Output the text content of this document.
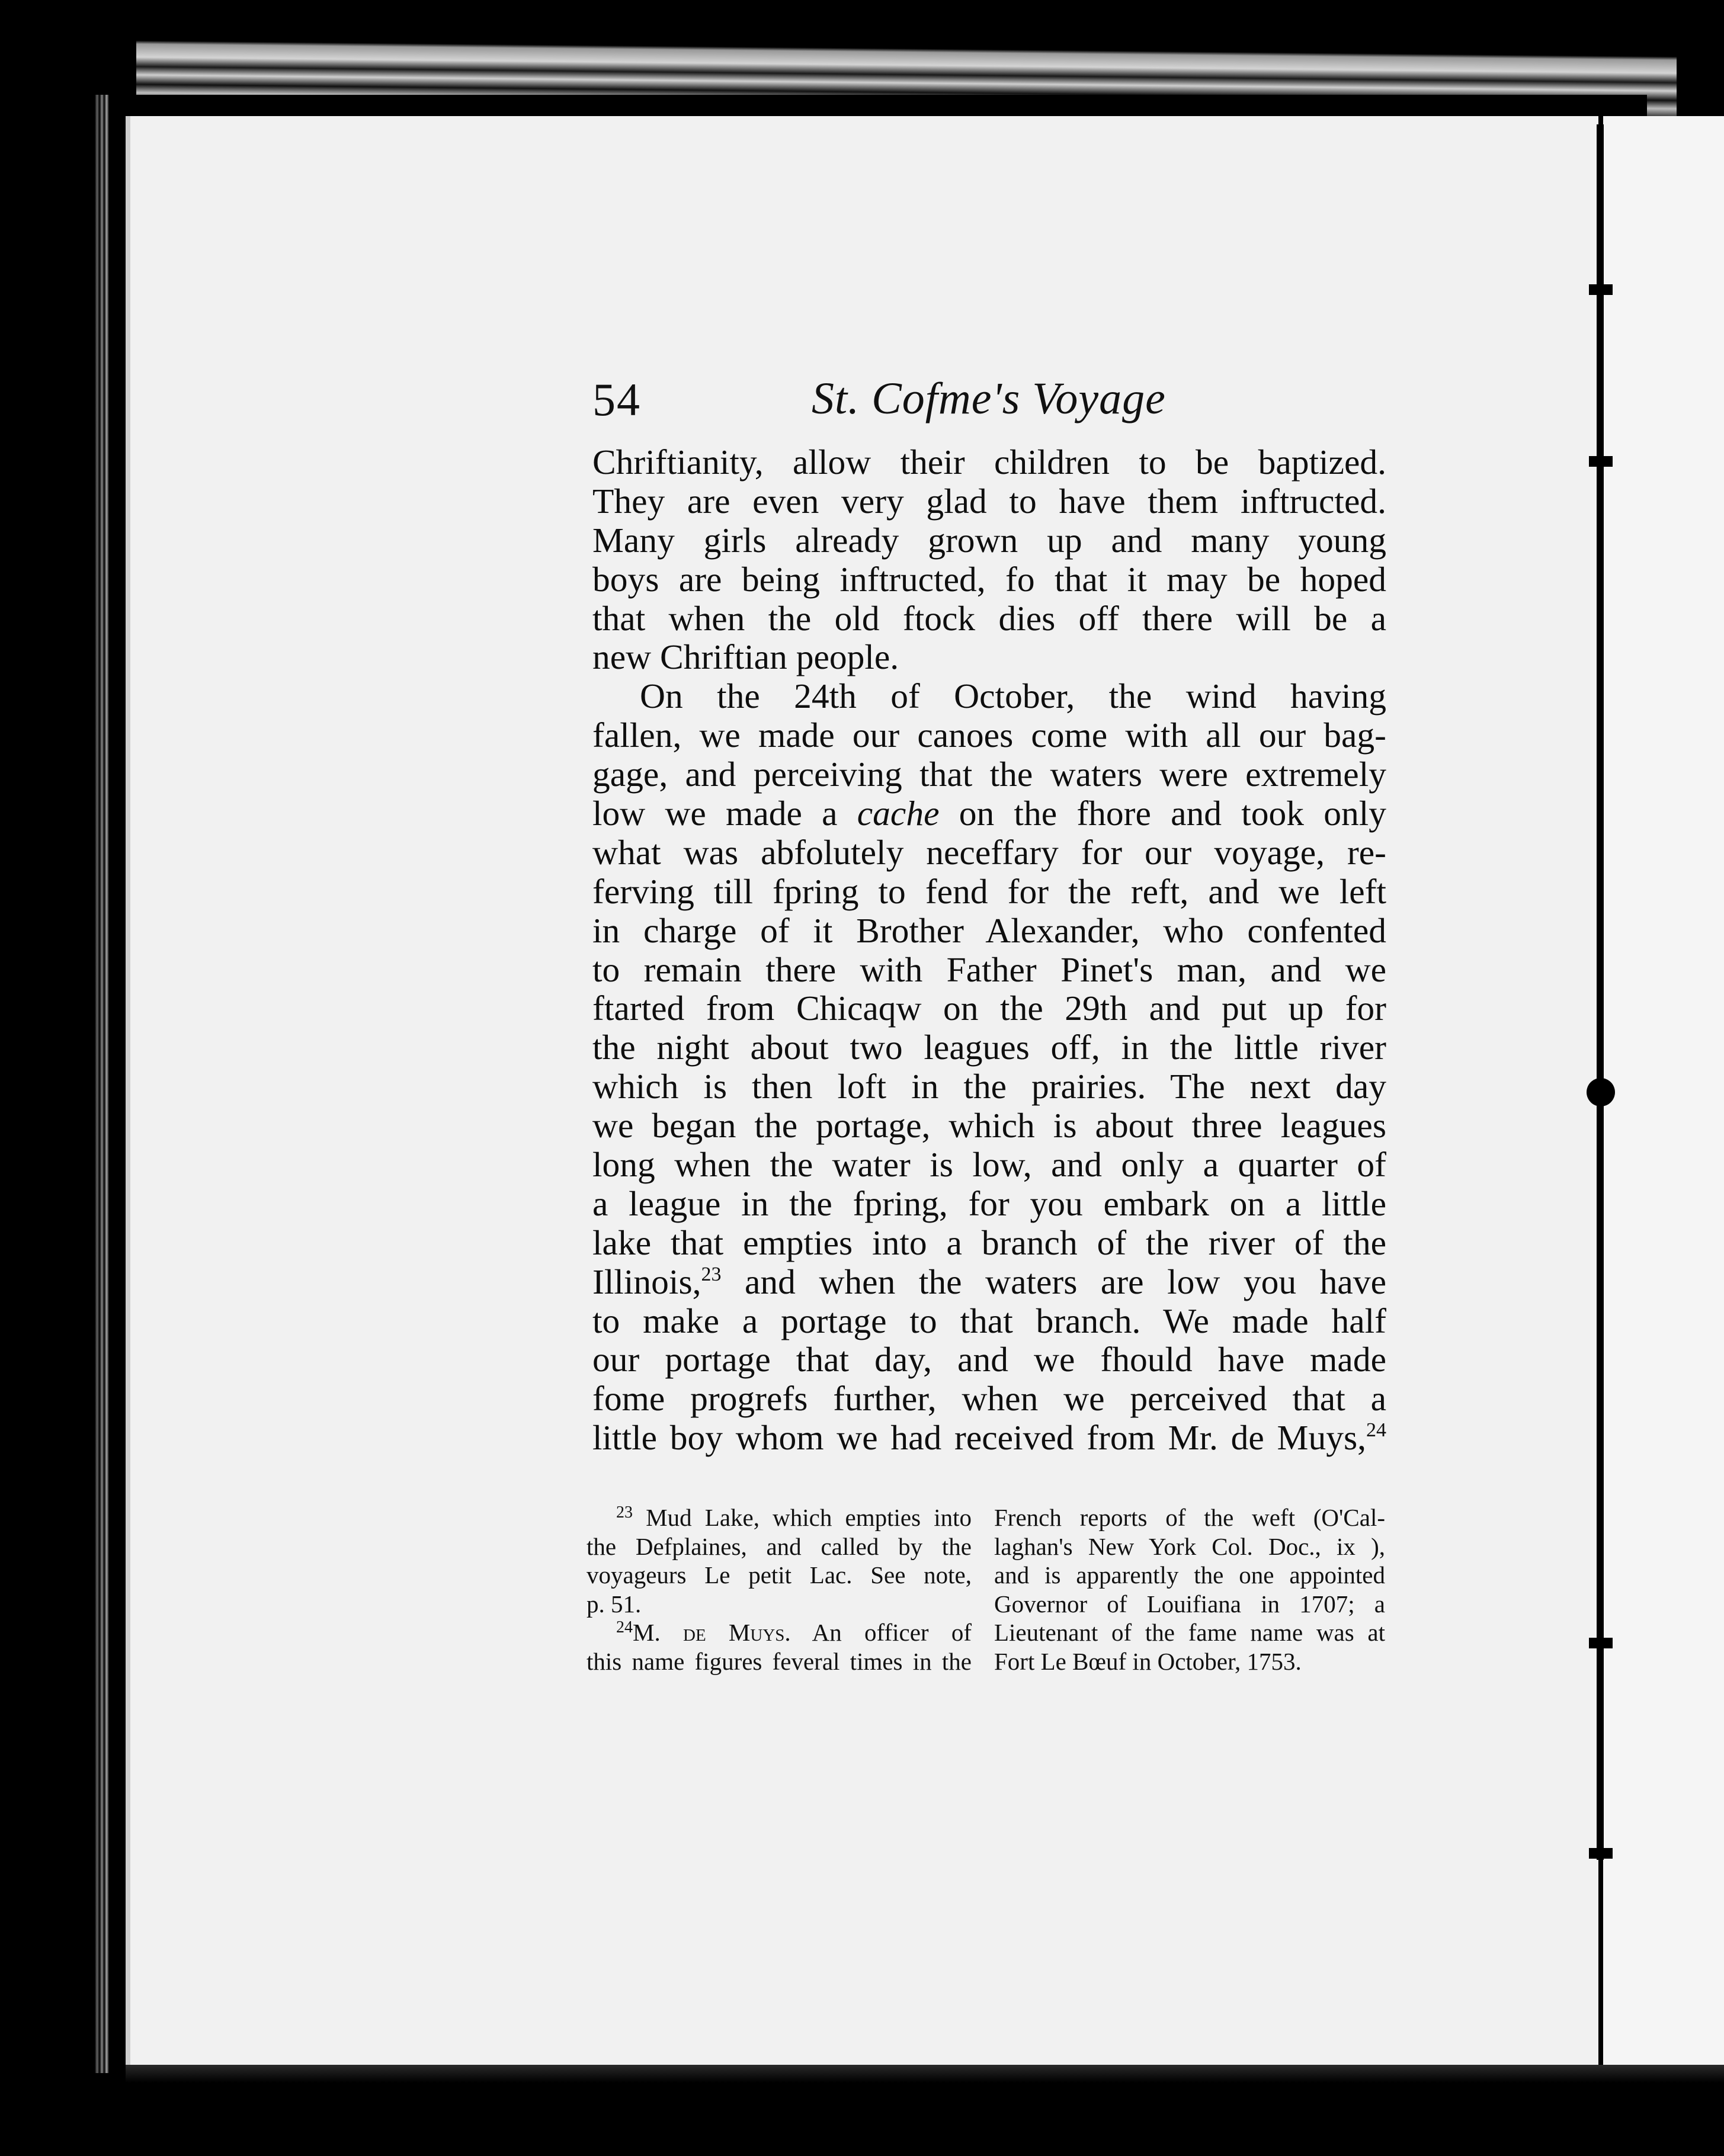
54	St. Cofme's Voyage
Chriftianity, allow their children to be baptized.
They are even very glad to have them inftructed.
Many girls already grown up and many young
boys are being inftructed, fo that it may be hoped
that when the old ftock dies off there will be a
new Chriftian people.
On the 24th of October, the wind having
fallen, we made our canoes come with all our bag-
gage, and perceiving that the waters were extremely
low we made a cache on the fhore and took only
what was abfolutely neceffary for our voyage, re-
ferving till fpring to fend for the reft, and we left
in charge of it Brother Alexander, who confented
to remain there with Father Pinet's man, and we
ftarted from Chicaqw on the 29th and put up for
the night about two leagues off, in the little river
which is then loft in the prairies. The next day
we began the portage, which is about three leagues
long when the water is low, and only a quarter of
a league in the fpring, for you embark on a little
lake that empties into a branch of the river of the
Illinois,$^{23}$ and when the waters are low you have
to make a portage to that branch. We made half
our portage that day, and we fhould have made
fome progrefs further, when we perceived that a
little boy whom we had received from Mr. de Muys,$^{24}$
$^{23}$ Mud Lake, which empties into
the Defplaines, and called by the
voyageurs Le petit Lac. See note,
p. 51.
$^{24}$M. de Muys. An officer of
this name figures feveral times in the
French reports of the weft (O'Cal-
laghan's New York Col. Doc., ix ),
and is apparently the one appointed
Governor of Louifiana in 1707; a
Lieutenant of the fame name was at
Fort Le Bœuf in October, 1753.
